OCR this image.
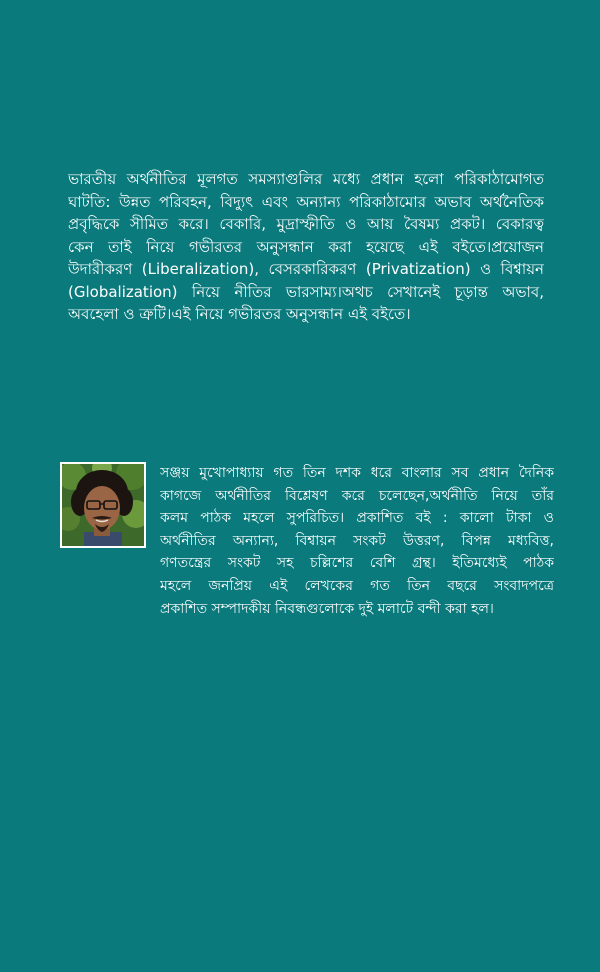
ভারতীয় অর্থনীতির মূলগত সমস্যাগুলির মধ্যে প্রধান হলো পরিকাঠামোগত
ঘাটতি: উন্নত পরিবহন, বিদ্যুৎ এবং অন্যান্য পরিকাঠামোর অভাব অর্থনৈতিক
প্রবৃদ্ধিকে সীমিত করে। বেকারি, মুদ্রাস্ফীতি ও আয় বৈষম্য প্রকট। বেকারত্ব
কেন তাই নিয়ে গভীরতর অনুসন্ধান করা হয়েছে এই বইতে।প্রয়োজন
উদারীকরণ (Liberalization), বেসরকারিকরণ (Privatization) ও বিশ্বায়ন
(Globalization) নিয়ে নীতির ভারসাম্য।অথচ সেখানেই চূড়ান্ত অভাব,
অবহেলা ও ত্রুটি।এই নিয়ে গভীরতর অনুসন্ধান এই বইতে।
সঞ্জয় মুখোপাধ্যায় গত তিন দশক ধরে বাংলার সব প্রধান দৈনিক
কাগজে অর্থনীতির বিশ্লেষণ করে চলেছেন,অর্থনীতি নিয়ে তাঁর
কলম পাঠক মহলে সুপরিচিত। প্রকাশিত বই : কালো টাকা ও
অর্থনীতির অন্যান্য, বিশ্বায়ন সংকট উত্তরণ, বিপন্ন মধ্যবিত্ত,
গণতন্ত্রের সংকট সহ চল্লিশের বেশি গ্রন্থ। ইতিমধ্যেই পাঠক
মহলে জনপ্রিয় এই লেখকের গত তিন বছরে সংবাদপত্রে
প্রকাশিত সম্পাদকীয় নিবন্ধগুলোকে দুই মলাটে বন্দী করা হল।
